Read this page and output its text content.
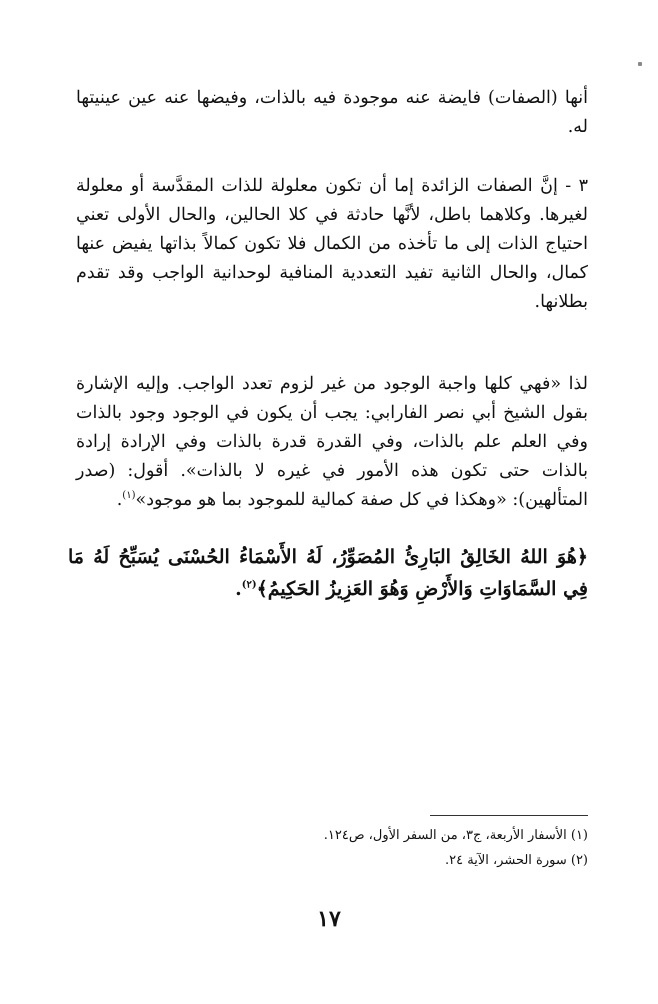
أنها (الصفات) فايضة عنه موجودة فيه بالذات، وفيضها عنه عين عينيتها له.

٣ - إنَّ الصفات الزائدة إما أن تكون معلولة للذات المقدَّسة أو معلولة لغيرها. وكلاهما باطل، لأنَّها حادثة في كلا الحالين، والحال الأولى تعني احتياج الذات إلى ما تأخذه من الكمال فلا تكون كمالاً بذاتها يفيض عنها كمال، والحال الثانية تفيد التعددية المنافية لوحدانية الواجب وقد تقدم بطلانها.

لذا «فهي كلها واجبة الوجود من غير لزوم تعدد الواجب. وإليه الإشارة بقول الشيخ أبي نصر الفارابي: يجب أن يكون في الوجود وجود بالذات وفي العلم علم بالذات، وفي القدرة قدرة بالذات وفي الإرادة إرادة بالذات حتى تكون هذه الأمور في غيره لا بالذات». أقول: (صدر المتألهين): «وهكذا في كل صفة كمالية للموجود بما هو موجود»$^{(١)}$.

﴿هُوَ اللهُ الخَالِقُ البَارِئُ المُصَوِّرُ، لَهُ الأَسْمَاءُ الحُسْنَى يُسَبِّحُ لَهُ مَا فِي السَّمَاوَاتِ وَالأَرْضِ وَهُوَ العَزِيزُ الحَكِيمُ﴾$^{(٢)}$.

(١) الأسفار الأربعة، ج٣، من السفر الأول، ص١٢٤.
(٢) سورة الحشر، الآية ٢٤.
١٧
